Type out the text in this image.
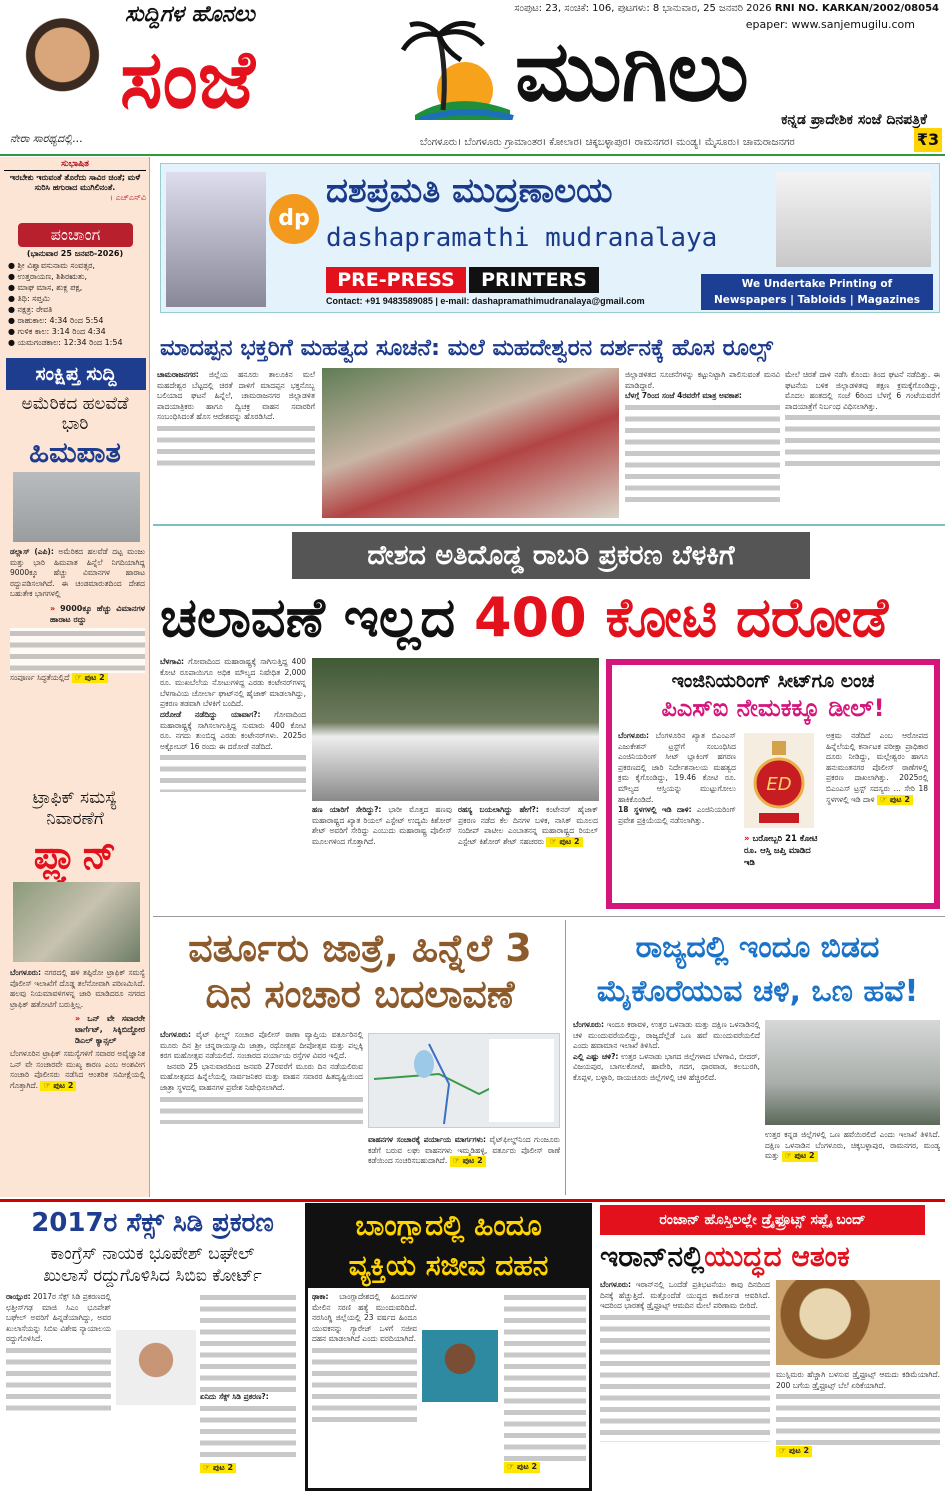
ನೇರಾ ಸಾರಥ್ಯದಲ್ಲಿ...
ಸುದ್ದಿಗಳ ಹೊನಲು
ಸಂಜೆ	ಮುಗಿಲು
ಸಂಪುಟ: 23, ಸಂಚಿಕೆ: 106, ಪುಟಗಳು: 8 ಭಾನುವಾರ, 25 ಜನವರಿ 2026 RNI NO. KARKAN/2002/08054
epaper: www.sanjemugilu.com
ಕನ್ನಡ ಪ್ರಾದೇಶಿಕ ಸಂಜೆ ದಿನಪತ್ರಿಕೆ
ಬೆಂಗಳೂರು। ಬೆಂಗಳೂರು ಗ್ರಾಮಾಂತರ। ಕೋಲಾರ। ಚಿಕ್ಕಬಳ್ಳಾಪುರ। ರಾಮನಗರ। ಮಂಡ್ಯ। ಮೈಸೂರು। ಚಾಮರಾಜನಗರ	₹3
ಸುಭಾಷಿತ
ಇರಬೇಕು ಇರುವಂತೆ ತೊರೆದು ಸಾವಿರ ಚಿಂತೆ; ಮಳೆ ಸುರಿಸಿ ಹಗುರಾದ ಮುಗಿಲಿನಂತೆ.
। ಎಚ್‌ಎಸ್‌ವಿ
ಪಂಚಾಂಗ
(ಭಾನುವಾರ 25 ಜನವರಿ-2026)
● ಶ್ರೀ ವಿಶ್ವಾವಸುನಾಮ ಸಂವತ್ಸರ,
● ಉತ್ತರಾಯಣ, ಶಿಶಿರಋತು,
● ಮಾಘ ಮಾಸ, ಶುಕ್ಲ ಪಕ್ಷ,
● ತಿಥಿ: ಸಪ್ತಮಿ
● ನಕ್ಷತ್ರ: ರೇವತಿ
● ರಾಹುಕಾಲ: 4:34 ರಿಂದ 5:54
● ಗುಳಿಕ ಕಾಲ: 3:14 ರಿಂದ 4:34
● ಯಮಗಂಡಕಾಲ: 12:34 ರಿಂದ 1:54
ಸಂಕ್ಷಿಪ್ತ ಸುದ್ದಿ
ಅಮೆರಿಕದ ಹಲವೆಡೆ ಭಾರಿ
ಹಿಮಪಾತ
ಡಲ್ಲಾಸ್ (ಎಪಿ): ಅಮೆರಿಕದ ಹಲವೆಡೆ ದಟ್ಟ ಮಂಜು ಮತ್ತು ಭಾರಿ ಹಿಮಪಾತ ಹಿನ್ನೆಲೆ ನಿಗದಿಯಾಗಿದ್ದ 9000ಕ್ಕೂ ಹೆಚ್ಚು ವಿಮಾನಗಳ ಹಾರಾಟ ರದ್ದುಪಡಿಸಲಾಗಿದೆ. ಈ ಚಂಡಮಾರುತದಿಂದ ದೇಶದ ಬಹುತೇಕ ಭಾಗಗಳಲ್ಲಿ
» 9000ಕ್ಕೂ ಹೆಚ್ಚು ವಿಮಾನಗಳ ಹಾರಾಟ ರದ್ದು
ಸಂಪೂರ್ಣ ಸಿದ್ಧತೆಯಲ್ಲಿದೆ ☞ ಪುಟ 2
ಟ್ರಾಫಿಕ್ ಸಮಸ್ಯೆ ನಿವಾರಣೆಗೆ
ಪ್ಲ್ಯಾನ್
ಬೆಂಗಳೂರು: ನಗರದಲ್ಲಿ ಹಳಿ ತಪ್ಪಿರೋ ಟ್ರಾಫಿಕ್ ಸಮಸ್ಯೆ ಪೊಲೀಸ್ ಇಲಾಖೆಗೆ ದೊಡ್ಡ ತಲೆನೋವಾಗಿ ಪರಿಣಮಿಸಿದೆ. ಹಲವು ನಿಯಮಾವಳಿಗಳನ್ನ ಜಾರಿ ಮಾಡಿದರೂ ನಗರದ ಟ್ರಾಫಿಕ್ ಹತೋಟಿಗೆ ಬರುತ್ತಿಲ್ಲ.
» ಒನ್ ವೇ ಸವಾರರೇ ಟಾರ್ಗೆಟ್, ಸಿಕ್ಕಿಬಿದ್ದೋರ ಡಿಎಲ್ ಕ್ಯಾನ್ಸಲ್
ಬೆಂಗಳೂರಿನ ಟ್ರಾಫಿಕ್ ಸಮಸ್ಯೆಗಳಿಗೆ ಸವಾರರ ಅವೈಜ್ಞಾನಿಕ ಒನ್ ವೇ ಸಂಚಾರವೇ ಮುಖ್ಯ ಕಾರಣ ಎಂಬ ಅಂಶವೀಗ ಸಂಚಾರಿ ಪೊಲೀಸರು ನಡೆಸಿದ ಆಂತರಿಕ ಸಮೀಕ್ಷೆಯಲ್ಲಿ ಗೊತ್ತಾಗಿದೆ. ☞ ಪುಟ 2
dp
ದಶಪ್ರಮತಿ ಮುದ್ರಣಾಲಯ
dashapramathi mudranalaya
PRE-PRESS	PRINTERS
Contact: +91 9483589085 | e-mail: dashapramathimudranalaya@gmail.com
We Undertake Printing of
Newspapers | Tabloids | Magazines
ಮಾದಪ್ಪನ ಭಕ್ತರಿಗೆ ಮಹತ್ವದ ಸೂಚನೆ: ಮಲೆ ಮಹದೇಶ್ವರನ ದರ್ಶನಕ್ಕೆ ಹೊಸ ರೂಲ್ಸ್
ಚಾಮರಾಜನಗರ: ಜಿಲ್ಲೆಯ ಹನೂರು ತಾಲೂಕಿನ ಮಲೆ ಮಹದೇಶ್ವರ ಬೆಟ್ಟದಲ್ಲಿ ಚಿರತೆ ದಾಳಿಗೆ ಮಾದಪ್ಪನ ಭಕ್ತನೊಬ್ಬ ಬಲಿಯಾದ ಘಟನೆ ಹಿನ್ನೆಲೆ, ಚಾಮರಾಜನಗರ ಜಿಲ್ಲಾಡಳಿತ ಪಾದಯಾತ್ರಿಕರು ಹಾಗೂ ದ್ವಿಚಕ್ರ ವಾಹನ ಸವಾರರಿಗೆ ಸಂಬಂಧಿಸಿದಂತೆ ಹೊಸ ಆದೇಶವನ್ನು ಹೊರಡಿಸಿದೆ.
ಜಿಲ್ಲಾಡಳಿತದ ಸೂಚನೆಗಳನ್ನು ಕಟ್ಟುನಿಟ್ಟಾಗಿ ಪಾಲಿಸುವಂತೆ ಮನವಿ ಮಾಡಿದ್ದಾರೆ.
ಬೆಳಗ್ಗೆ 7ರಿಂದ ಸಂಜೆ 4ರವರೆಗೆ ಮಾತ್ರ ಅವಕಾಶ:
ಮೇಲೆ ಚಿರತೆ ದಾಳಿ ನಡೆಸಿ ಕೊಂದು ತಿಂದ ಘಟನೆ ನಡೆದಿತ್ತು. ಈ ಘಟನೆಯ ಬಳಿಕ ಜಿಲ್ಲಾಡಳಿತವು ತಕ್ಷಣ ಕ್ರಮಕ್ಕೆಗೊಂಡಿದ್ದು, ಮೊದಲ ಹಂತದಲ್ಲಿ ಸಂಜೆ 6ರಿಂದ ಬೆಳಗ್ಗೆ 6 ಗಂಟೆಯವರೆಗೆ ಪಾದಯಾತ್ರೆಗೆ ನಿರ್ಬಂಧ ವಿಧಿಸಲಾಗಿತ್ತು.
ದೇಶದ ಅತಿದೊಡ್ಡ ರಾಬರಿ ಪ್ರಕರಣ ಬೆಳಕಿಗೆ
ಚಲಾವಣೆ ಇಲ್ಲದ 400 ಕೋಟಿ ದರೋಡೆ
ಬೆಳಗಾವಿ: ಗೋವಾದಿಂದ ಮಹಾರಾಷ್ಟ್ರಕ್ಕೆ ಸಾಗಿಸುತ್ತಿದ್ದ 400 ಕೋಟಿ ರೂಪಾಯಿಗೂ ಅಧಿಕ ಮೌಲ್ಯದ ನಿಷೇಧಿತ 2,000 ರೂ. ಮುಖಬೆಲೆಯ ನೋಟುಗಳಿದ್ದ ಎರಡು ಕಂಟೇನರ್‌ಗಳನ್ನ ಬೆಳಗಾವಿಯ ಚೋರ್ಲಾ ಘಾಟ್‌ನಲ್ಲಿ ಹೈಜಾಕ್ ಮಾಡಲಾಗಿದ್ದು, ಪ್ರಕರಣ ತಡವಾಗಿ ಬೆಳಕಿಗೆ ಬಂದಿದೆ.
ದರೋಡೆ ನಡೆದಿದ್ದು ಯಾವಾಗ?: ಗೋವಾದಿಂದ ಮಹಾರಾಷ್ಟ್ರಕ್ಕೆ ಸಾಗಿಸಲಾಗುತ್ತಿದ್ದ ಸುಮಾರು 400 ಕೋಟಿ ರೂ. ನಗದು ತುಂಬಿದ್ದ ಎರಡು ಕಂಟೇನರ್‌ಗಳು. 2025ರ ಅಕ್ಟೋಬರ್ 16 ರಂದು ಈ ದರೋಡೆ ನಡೆದಿದೆ.
ಹಣ ಯಾರಿಗೆ ಸೇರಿದ್ದು?: ಭಾರೀ ಮೊತ್ತದ ಹಣವು ಮಹಾರಾಷ್ಟ್ರದ ಖ್ಯಾತ ರಿಯಲ್ ಎಸ್ಟೇಟ್ ಉದ್ಯಮಿ ಕಿಶೋರ್ ಶೇಟ್ ಅವರಿಗೆ ಸೇರಿದ್ದು ಎಂಬುದು ಮಹಾರಾಷ್ಟ್ರ ಪೊಲೀಸ್ ಮೂಲಗಳಿಂದ ಗೊತ್ತಾಗಿದೆ.
ರಹಸ್ಯ ಬಯಲಾಗಿದ್ದು ಹೇಗೆ?: ಕಂಟೇನರ್ ಹೈಜಾಕ್ ಪ್ರಕರಣ ನಡೆದ ಕೆಲ ದಿನಗಳ ಬಳಿಕ, ನಾಸಿಕ್ ಮೂಲದ ಸಂದೀಪ್ ಪಾಟೀಲ ಎಂಬಾತನನ್ನ ಮಹಾರಾಷ್ಟ್ರದ ರಿಯಲ್ ಎಸ್ಟೇಟ್ ಕಿಶೋರ್ ಶೇಟ್ ಸಹಚರರು ☞ ಪುಟ 2
ಇಂಜಿನಿಯರಿಂಗ್ ಸೀಟ್‌ಗೂ ಲಂಚ
ಪಿಎಸ್‌ಐ ನೇಮಕಕ್ಕೂ ಡೀಲ್!
ಬೆಂಗಳೂರು: ಬೆಂಗಳೂರಿನ ಖ್ಯಾತ ಬಿಎಂಎಸ್ ಎಜುಕೇಶನ್ ಟ್ರಸ್ಟ್‌ಗೆ ಸಂಬಂಧಿಸಿದ ಎಂಜಿನಿಯರಿಂಗ್ ಸೀಟ್ ಬ್ಲಾಕಿಂಗ್ ಹಗರಣ ಪ್ರಕರಣದಲ್ಲಿ ಜಾರಿ ನಿರ್ದೇಶನಾಲಯ ಮಹತ್ವದ ಕ್ರಮ ಕೈಗೊಂಡಿದ್ದು, 19.46 ಕೋಟಿ ರೂ. ಮೌಲ್ಯದ ಆಸ್ತಿಯನ್ನು ಮುಟ್ಟುಗೋಲು ಹಾಕಿಕೊಂಡಿದೆ.
18 ಸ್ಥಳಗಳಲ್ಲಿ ಇಡಿ ದಾಳಿ: ಎಂಜಿನಿಯರಿಂಗ್ ಪ್ರವೇಶ ಪ್ರಕ್ರಿಯೆಯಲ್ಲಿ ನಡೆಸಲಾಗಿತ್ತು.
ED
» ಬರೋಬ್ಬರಿ 21 ಕೋಟಿ ರೂ. ಆಸ್ತಿ ಜಪ್ತಿ ಮಾಡಿದ ಇಡಿ
ಅಕ್ರಮ ನಡೆದಿದೆ ಎಂಬ ಆರೋಪದ ಹಿನ್ನೆಲೆಯಲ್ಲಿ ಕರ್ನಾಟಕ ಪರೀಕ್ಷಾ ಪ್ರಾಧಿಕಾರ ದೂರು ನೀಡಿದ್ದು, ಮಲ್ಲೇಶ್ವರಂ ಹಾಗೂ ಹನುಮಂತನಗರ ಪೊಲೀಸ್ ಠಾಣೆಗಳಲ್ಲಿ ಪ್ರಕರಣ ದಾಖಲಾಗಿತ್ತು. 2025ರಲ್ಲಿ ಬಿಎಂಎಸ್ ಟ್ರಸ್ಟ್ ಸದಸ್ಯರು ... ಸೇರಿ 18 ಸ್ಥಳಗಳಲ್ಲಿ ಇಡಿ ದಾಳಿ ☞ ಪುಟ 2
ವರ್ತೂರು ಜಾತ್ರೆ, ಹಿನ್ನೆಲೆ 3
ದಿನ ಸಂಚಾರ ಬದಲಾವಣೆ
ಬೆಂಗಳೂರು: ವೈಟ್ ಫೀಲ್ಡ್ ಸಂಚಾರ ಪೊಲೀಸ್ ಠಾಣಾ ವ್ಯಾಪ್ತಿಯ ವರ್ತೂರಿನಲ್ಲಿ ಮೂರು ದಿನ ಶ್ರೀ ಚನ್ನರಾಯಸ್ವಾಮಿ ಜಾತ್ರಾ, ರಥೋತ್ಸವ ದೀಪೋತ್ಸವ ಮತ್ತು ಪಲ್ಲಕ್ಕಿ ಕರಗ ಮಹೋತ್ಸವ ನಡೆಯಲಿದೆ. ಸಂಚಾರದ ಪರ್ಯಾಯ ರಸ್ತೆಗಳ ವಿವರ ಇಲ್ಲಿದೆ.
ಜನವರಿ 25 ಭಾನುವಾರದಿಂದ ಜನವರಿ 27ರವರೆಗೆ ಮೂರು ದಿನ ನಡೆಯಲಿರುವ ಮಹೋತ್ಸವದ ಹಿನ್ನೆಲೆಯಲ್ಲಿ ಸಾರ್ವಜನಿಕರ ಮತ್ತು ವಾಹನ ಸವಾರರ ಹಿತದೃಷ್ಟಿಯಿಂದ ಜಾತ್ರಾ ಸ್ಥಳದಲ್ಲಿ ವಾಹನಗಳ ಪ್ರವೇಶ ನಿಷೇಧಿಸಲಾಗಿದೆ.
ವಾಹನಗಳ ಸಂಚಾರಕ್ಕೆ ಪರ್ಯಾಯ ಮಾರ್ಗಗಳು: ವೈಟ್‌ಫೀಲ್ಡ್‌ನಿಂದ ಗುಂಜೂರು ಕಡೆಗೆ ಬರುವ ಲಘು ವಾಹನಗಳು ಇಮ್ಮಡಿಹಳ್ಳಿ, ವರ್ತೂರು ಪೊಲೀಸ್ ಠಾಣೆ ಕಡೆಯಿಂದ ಸಂಚರಿಸಬಹುದಾಗಿದೆ. ☞ ಪುಟ 2
ರಾಜ್ಯದಲ್ಲಿ ಇಂದೂ ಬಿಡದ
ಮೈಕೊರೆಯುವ ಚಳಿ, ಒಣ ಹವೆ!
ಬೆಂಗಳೂರು: ಇಂದೂ ಕರಾವಳಿ, ಉತ್ತರ ಒಳನಾಡು ಮತ್ತು ದಕ್ಷಿಣ ಒಳನಾಡಿನಲ್ಲಿ ಚಳಿ ಮುಂದುವರೆಯಲಿದ್ದು, ರಾಜ್ಯದೆಲ್ಲೆಡೆ ಒಣ ಹವೆ ಮುಂದುವರೆಯಲಿದೆ ಎಂದು ಹವಾಮಾನ ಇಲಾಖೆ ತಿಳಿಸಿದೆ.
ಎಲ್ಲಿ ಎಷ್ಟು ಚಳಿ?: ಉತ್ತರ ಒಳನಾಡು ಭಾಗದ ಜಿಲ್ಲೆಗಳಾದ ಬೆಳಗಾವಿ, ಬೀದರ್, ವಿಜಯಪುರ, ಬಾಗಲಕೋಟೆ, ಹಾವೇರಿ, ಗದಗ, ಧಾರವಾಡ, ಕಲಬುರಗಿ, ಕೊಪ್ಪಳ, ಬಳ್ಳಾರಿ, ರಾಯಚೂರು ಜಿಲ್ಲೆಗಳಲ್ಲಿ ಚಳಿ ಹೆಚ್ಚಿರಲಿದೆ.
ಉತ್ತರ ಕನ್ನಡ ಜಿಲ್ಲೆಗಳಲ್ಲಿ ಒಣ ಹವೆಯಿರಲಿದೆ ಎಂದು ಇಲಾಖೆ ತಿಳಿಸಿದೆ. ದಕ್ಷಿಣ ಒಳನಾಡಿನ ಬೆಂಗಳೂರು, ಚಿಕ್ಕಬಳ್ಳಾಪುರ, ರಾಮನಗರ, ಮಂಡ್ಯ ಮತ್ತು ☞ ಪುಟ 2
2017ರ ಸೆಕ್ಸ್ ಸಿಡಿ ಪ್ರಕರಣ
ಕಾಂಗ್ರೆಸ್ ನಾಯಕ ಭೂಪೇಶ್ ಬಘೇಲ್
ಖುಲಾಸೆ ರದ್ದುಗೊಳಿಸಿದ ಸಿಬಿಐ ಕೋರ್ಟ್
ರಾಯ್ಪುರ: 2017ರ ಸೆಕ್ಸ್ ಸಿಡಿ ಪ್ರಕರಣದಲ್ಲಿ ಛತ್ತೀಸ್‌ಗಢ ಮಾಜಿ ಸಿಎಂ ಭೂಪೇಶ್ ಬಘೇಲ್ ಅವರಿಗೆ ಹಿನ್ನಡೆಯಾಗಿದ್ದು, ಅವರ ಖುಲಾಸೆಯನ್ನು ಸಿಬಿಐ ವಿಶೇಷ ನ್ಯಾಯಾಲಯ ರದ್ದುಗೊಳಿಸಿದೆ.
ಏನಿದು ಸೆಕ್ಸ್ ಸಿಡಿ ಪ್ರಕರಣ?:
☞ ಪುಟ 2
ಬಾಂಗ್ಲಾದಲ್ಲಿ ಹಿಂದೂ
ವ್ಯಕ್ತಿಯ ಸಜೀವ ದಹನ
ಢಾಕಾ: ಬಾಂಗ್ಲಾದೇಶದಲ್ಲಿ ಹಿಂದೂಗಳ ಮೇಲಿನ ಸರಣಿ ಹತ್ಯೆ ಮುಂದುವರಿದಿದೆ. ನರಸಿಂಗ್ಡಿ ಜಿಲ್ಲೆಯಲ್ಲಿ 23 ವರ್ಷದ ಹಿಂದೂ ಯುವಕನನ್ನು ಗ್ಯಾರೇಜ್ ಒಳಗೆ ಸಜೀವ ದಹನ ಮಾಡಲಾಗಿದೆ ಎಂದು ವರದಿಯಾಗಿದೆ.
☞ ಪುಟ 2
ರಂಜಾನ್ ಹೊಸ್ತಿಲಲ್ಲೇ ಡ್ರೈಫ್ರೂಟ್ಸ್ ಸಪ್ಲೈ ಬಂದ್
ಇರಾನ್‌ನಲ್ಲಿಯುದ್ಧದ ಆತಂಕ
ಬೆಂಗಳೂರು: ಇರಾನ್‌ನಲ್ಲಿ ಒಂದೆಡೆ ಪ್ರತಿಭಟನೆಯು ಕಾವು ದಿನದಿಂದ ದಿನಕ್ಕೆ ಹೆಚ್ಚುತ್ತಿದೆ. ಮತ್ತೊಂದೆಡೆ ಯುದ್ಧದ ಕಾರ್ಮೋಡ ಆವರಿಸಿದೆ. ಇದರಿಂದ ಭಾರತಕ್ಕೆ ಡ್ರೈಫ್ರೂಟ್ಸ್ ಆಮದಿನ ಮೇಲೆ ಪರಿಣಾಮ ಬೀರಿದೆ.
ಮುಸ್ಲಿಮರು ಹೆಚ್ಚಾಗಿ ಬಳಸುವ ಡ್ರೈಫ್ರೂಟ್ಸ್ ಆಮದು ಕಡಿಮೆಯಾಗಿದೆ. 200 ಬಗೆಯ ಡ್ರೈಫ್ರೂಟ್ಸ್ ಬೆಲೆ ಏರಿಕೆಯಾಗಿದೆ.
☞ ಪುಟ 2
